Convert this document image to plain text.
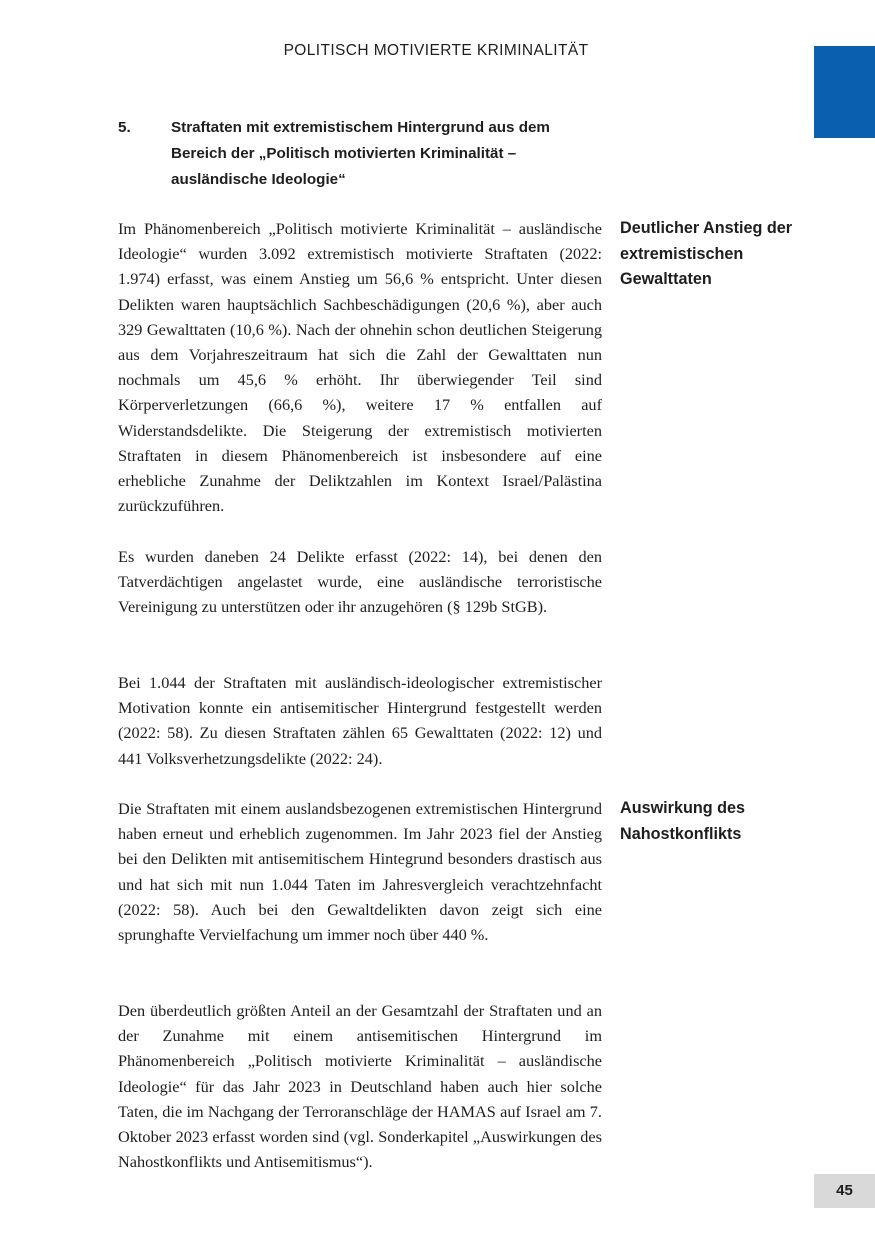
POLITISCH MOTIVIERTE KRIMINALITÄT
5.	Straftaten mit extremistischem Hintergrund aus dem Bereich der „Politisch motivierten Kriminalität – ausländische Ideologie“

Im Phänomenbereich „Politisch motivierte Kriminalität – ausländische Ideologie“ wurden 3.092 extremistisch motivierte Straftaten (2022: 1.974) erfasst, was einem Anstieg um 56,6 % entspricht. Unter diesen Delikten waren hauptsächlich Sachbeschädigungen (20,6 %), aber auch 329 Gewalttaten (10,6 %). Nach der ohnehin schon deutlichen Steigerung aus dem Vorjahreszeitraum hat sich die Zahl der Gewalttaten nun nochmals um 45,6 % erhöht. Ihr überwiegender Teil sind Körperverletzungen (66,6 %), weitere 17 % entfallen auf Widerstandsdelikte. Die Steigerung der extremistisch motivierten Straftaten in diesem Phänomenbereich ist insbesondere auf eine erhebliche Zunahme der Deliktzahlen im Kontext Israel/Palästina zurückzuführen.

Es wurden daneben 24 Delikte erfasst (2022: 14), bei denen den Tatverdächtigen angelastet wurde, eine ausländische terroristische Vereinigung zu unterstützen oder ihr anzugehören (§ 129b StGB).

Bei 1.044 der Straftaten mit ausländisch-ideologischer extremistischer Motivation konnte ein antisemitischer Hintergrund festgestellt werden (2022: 58). Zu diesen Straftaten zählen 65 Gewalttaten (2022: 12) und 441 Volksverhetzungsdelikte (2022: 24).

Die Straftaten mit einem auslandsbezogenen extremistischen Hintergrund haben erneut und erheblich zugenommen. Im Jahr 2023 fiel der Anstieg bei den Delikten mit antisemitischem Hintegrund besonders drastisch aus und hat sich mit nun 1.044 Taten im Jahresvergleich verachtzehnfacht (2022: 58). Auch bei den Gewaltdelikten davon zeigt sich eine sprunghafte Vervielfachung um immer noch über 440 %.

Den überdeutlich größten Anteil an der Gesamtzahl der Straftaten und an der Zunahme mit einem antisemitischen Hintergrund im Phänomenbereich „Politisch motivierte Kriminalität – ausländische Ideologie“ für das Jahr 2023 in Deutschland haben auch hier solche Taten, die im Nachgang der Terroranschläge der HAMAS auf Israel am 7. Oktober 2023 erfasst worden sind (vgl. Sonderkapitel „Auswirkungen des Nahostkonflikts und Antisemitismus“).

Deutlicher Anstieg der extremistischen Gewalttaten
Auswirkung des Nahostkonflikts
45
